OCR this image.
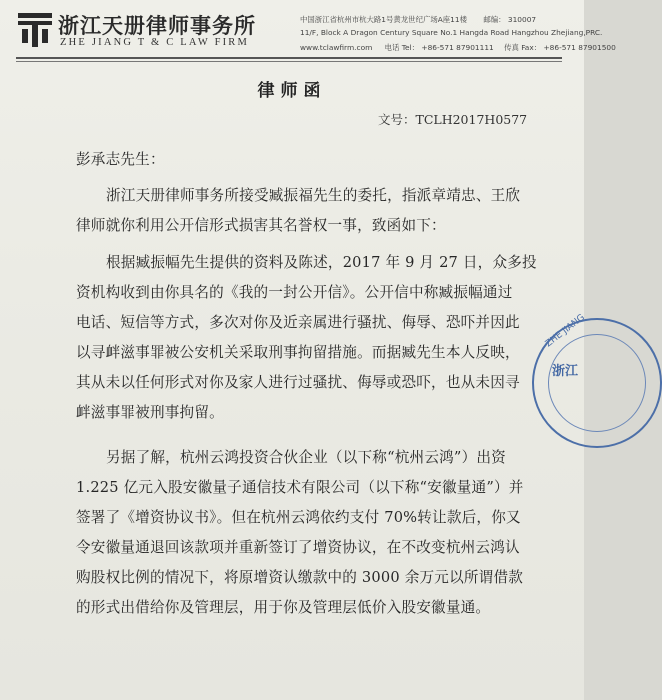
浙江天册律师事务所
ZHE JIANG T & C LAW FIRM
中国浙江省杭州市杭大路1号黄龙世纪广场A座11楼 邮编： 310007
11/F, Block A Dragon Century Square No.1 Hangda Road Hangzhou Zhejiang,PRC.
www.tclawfirm.com 电话 Tel： +86-571 87901111 传真 Fax： +86-571 87901500
律师函
文号：TCLH2017H0577
彭承志先生：
浙江天册律师事务所接受臧振福先生的委托，指派章靖忠、王欣
律师就你利用公开信形式损害其名誉权一事，致函如下：
根据臧振幅先生提供的资料及陈述，2017 年 9 月 27 日，众多投
资机构收到由你具名的《我的一封公开信》。公开信中称臧振幅通过
电话、短信等方式，多次对你及近亲属进行骚扰、侮辱、恐吓并因此
以寻衅滋事罪被公安机关采取刑事拘留措施。而据臧先生本人反映，
其从未以任何形式对你及家人进行过骚扰、侮辱或恐吓，也从未因寻
衅滋事罪被刑事拘留。
另据了解，杭州云鸿投资合伙企业（以下称“杭州云鸿”）出资
1.225 亿元入股安徽量子通信技术有限公司（以下称“安徽量通”）并
签署了《增资协议书》。但在杭州云鸿依约支付 70%转让款后，你又
令安徽量通退回该款项并重新签订了增资协议，在不改变杭州云鸿认
购股权比例的情况下，将原增资认缴款中的 3000 余万元以所谓借款
的形式出借给你及管理层，用于你及管理层低价入股安徽量通。
ZHE JIANG
浙江
